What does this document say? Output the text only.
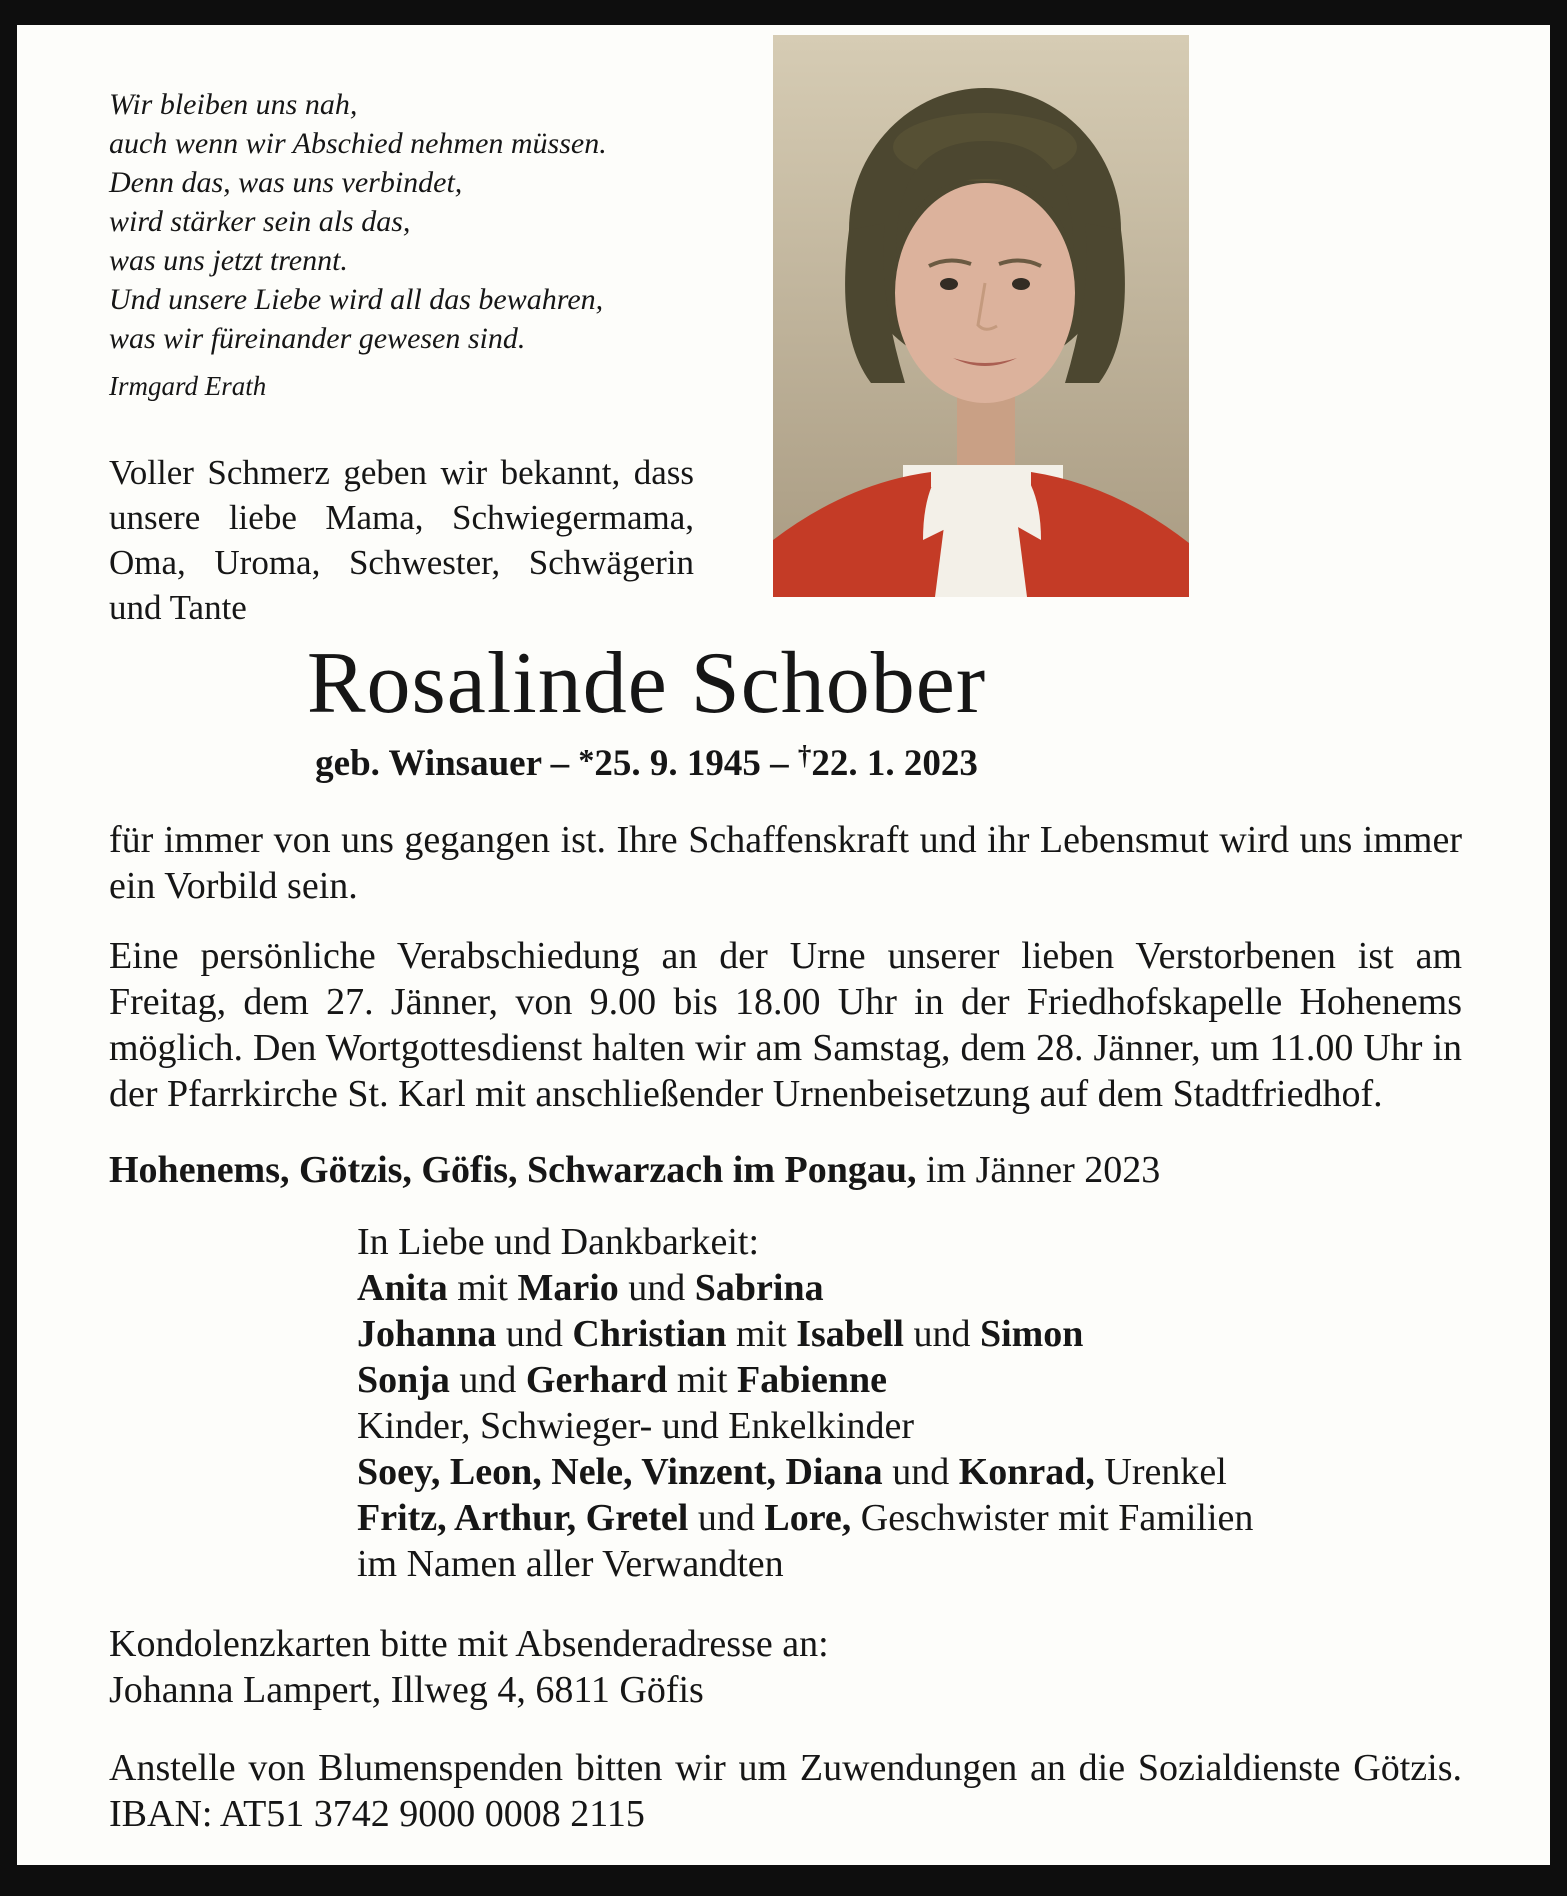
Wir bleiben uns nah,
auch wenn wir Abschied nehmen müssen.
Denn das, was uns verbindet,
wird stärker sein als das,
was uns jetzt trennt.
Und unsere Liebe wird all das bewahren,
was wir füreinander gewesen sind.
Irmgard Erath

Voller Schmerz geben wir bekannt, dass unsere liebe Mama, Schwiegermama, Oma, Uroma, Schwester, Schwägerin und Tante

Rosalinde Schober

geb. Winsauer – *25. 9. 1945 – †22. 1. 2023

für immer von uns gegangen ist. Ihre Schaffenskraft und ihr Lebensmut wird uns immer ein Vorbild sein.

Eine persönliche Verabschiedung an der Urne unserer lieben Verstorbenen ist am Freitag, dem 27. Jänner, von 9.00 bis 18.00 Uhr in der Friedhofskapelle Hohenems möglich. Den Wortgottesdienst halten wir am Samstag, dem 28. Jänner, um 11.00 Uhr in der Pfarrkirche St. Karl mit anschließender Urnenbeisetzung auf dem Stadtfriedhof.

Hohenems, Götzis, Göfis, Schwarzach im Pongau, im Jänner 2023

In Liebe und Dankbarkeit:

Anita mit Mario und Sabrina

Johanna und Christian mit Isabell und Simon

Sonja und Gerhard mit Fabienne

Kinder, Schwieger- und Enkelkinder

Soey, Leon, Nele, Vinzent, Diana und Konrad, Urenkel

Fritz, Arthur, Gretel und Lore, Geschwister mit Familien

im Namen aller Verwandten

Kondolenzkarten bitte mit Absenderadresse an:

Johanna Lampert, Illweg 4, 6811 Göfis

Anstelle von Blumenspenden bitten wir um Zuwendungen an die Sozialdienste Götzis. IBAN: AT51 3742 9000 0008 2115
